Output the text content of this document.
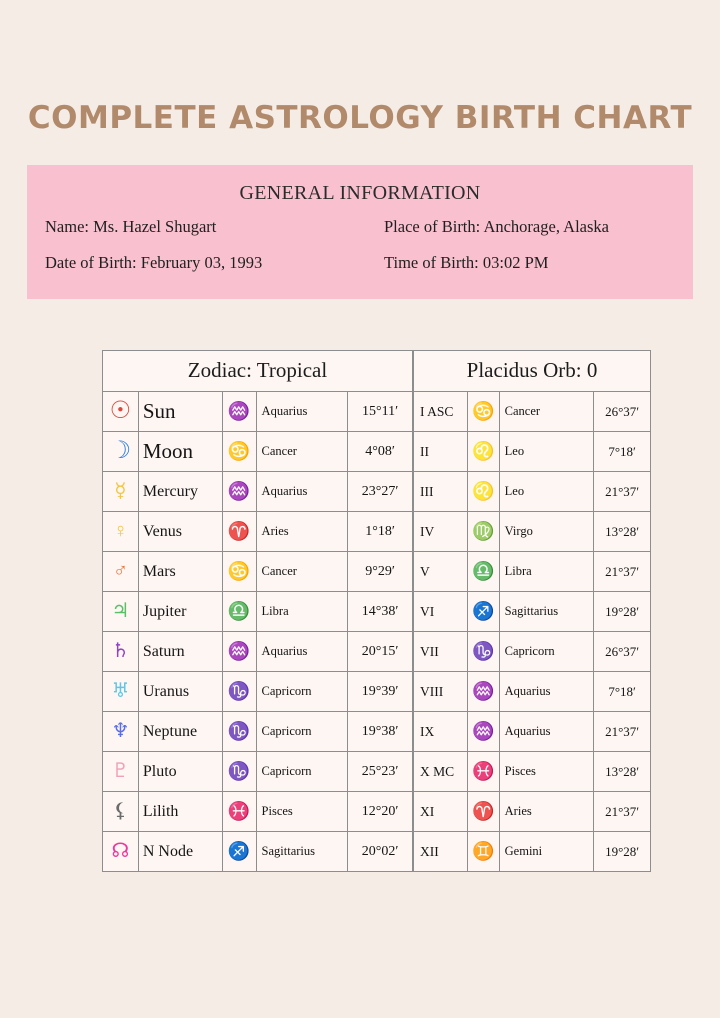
COMPLETE ASTROLOGY BIRTH CHART
GENERAL INFORMATION
Name: Ms. Hazel Shugart	Place of Birth: Anchorage, Alaska
Date of Birth: February 03, 1993	Time of Birth: 03:02 PM
Zodiac: Tropical				
☉	Sun	♒	Aquarius	15°11′
☽	Moon	♋	Cancer	4°08′
☿	Mercury	♒	Aquarius	23°27′
♀	Venus	♈	Aries	1°18′
♂	Mars	♋	Cancer	9°29′
♃	Jupiter	♎	Libra	14°38′
♄	Saturn	♒	Aquarius	20°15′
♅	Uranus	♑	Capricorn	19°39′
♆	Neptune	♑	Capricorn	19°38′
♇	Pluto	♑	Capricorn	25°23′
⚸	Lilith	♓	Pisces	12°20′
☊	N Node	♐	Sagittarius	20°02′
Placidus Orb: 0			
I ASC	♋	Cancer	26°37′
II	♌	Leo	7°18′
III	♌	Leo	21°37′
IV	♍	Virgo	13°28′
V	♎	Libra	21°37′
VI	♐	Sagittarius	19°28′
VII	♑	Capricorn	26°37′
VIII	♒	Aquarius	7°18′
IX	♒	Aquarius	21°37′
X MC	♓	Pisces	13°28′
XI	♈	Aries	21°37′
XII	♊	Gemini	19°28′
